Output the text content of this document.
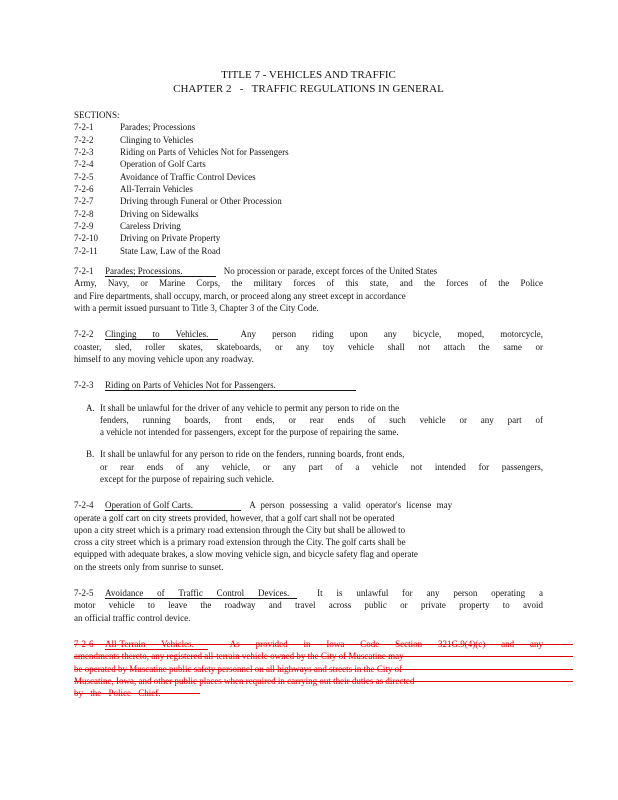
TITLE 7 - VEHICLES AND TRAFFIC
CHAPTER 2   -   TRAFFIC REGULATIONS IN GENERAL
SECTIONS:
7-2-1	Parades; Processions
7-2-2	Clinging to Vehicles
7-2-3	Riding on Parts of Vehicles Not for Passengers
7-2-4	Operation of Golf Carts
7-2-5	Avoidance of Traffic Control Devices
7-2-6	All-Terrain Vehicles
7-2-7	Driving through Funeral or Other Procession
7-2-8	Driving on Sidewalks
7-2-9	Careless Driving
7-2-10	Driving on Private Property
7-2-11	State Law, Law of the Road
7-2-1 Parades; Processions.	No procession or parade, except forces of the United States
Army, Navy, or Marine Corps, the military forces of this state, and the forces of the Police
and Fire departments, shall occupy, march, or proceed along any street except in accordance
with a permit issued pursuant to Title 3, Chapter 3 of the City Code.
7-2-2 Clinging to Vehicles.	Any person riding upon any bicycle, moped, motorcycle,
coaster, sled, roller skates, skateboards, or any toy vehicle shall not attach the same or
himself to any moving vehicle upon any roadway.
7-2-3 Riding on Parts of Vehicles Not for Passengers.
A. It shall be unlawful for the driver of any vehicle to permit any person to ride on the
fenders, running boards, front ends, or rear ends of such vehicle or any part of
a vehicle not intended for passengers, except for the purpose of repairing the same.
B. It shall be unlawful for any person to ride on the fenders, running boards, front ends,
or rear ends of any vehicle, or any part of a vehicle not intended for passengers,
except for the purpose of repairing such vehicle.
7-2-4 Operation of Golf Carts.	A person possessing a valid operator's license may
operate a golf cart on city streets provided, however, that a golf cart shall not be operated
upon a city street which is a primary road extension through the City but shall be allowed to
cross a city street which is a primary road extension through the City. The golf carts shall be
equipped with adequate brakes, a slow moving vehicle sign, and bicycle safety flag and operate
on the streets only from sunrise to sunset.
7-2-5 Avoidance of Traffic Control Devices.	It is unlawful for any person operating a
motor vehicle to leave the roadway and travel across public or private property to avoid
an official traffic control device.
7-2-6 All-Terrain Vehicles.	As provided in Iowa Code Section 321G.9(4)(c) and any
amendments thereto, any registered all-terrain vehicle owned by the City of Muscatine may
be operated by Muscatine public safety personnel on all highways and streets in the City of
Muscatine, Iowa, and other public places when required in carrying out their duties as directed
by the Police Chief.
